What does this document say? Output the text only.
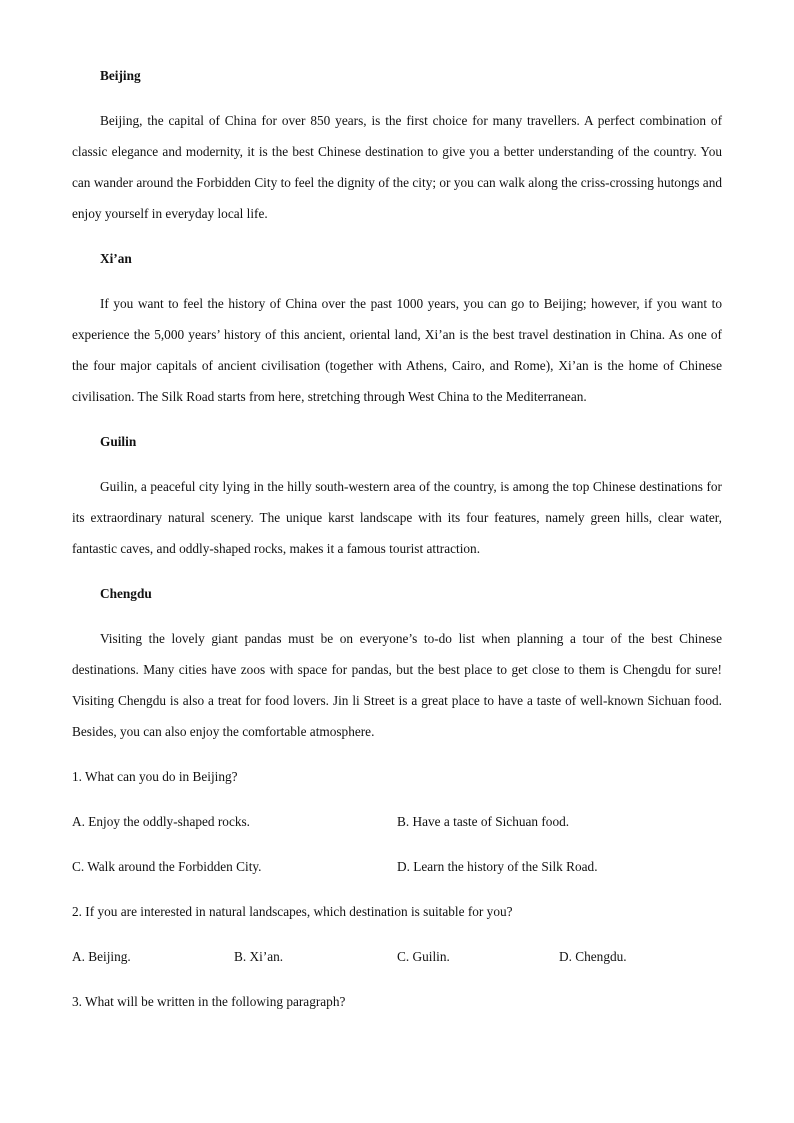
Beijing

Beijing, the capital of China for over 850 years, is the first choice for many travellers. A perfect combination of classic elegance and modernity, it is the best Chinese destination to give you a better understanding of the country. You can wander around the Forbidden City to feel the dignity of the city; or you can walk along the criss-crossing hutongs and enjoy yourself in everyday local life.

Xi’an

If you want to feel the history of China over the past 1000 years, you can go to Beijing; however, if you want to experience the 5,000 years’ history of this ancient, oriental land, Xi’an is the best travel destination in China. As one of the four major capitals of ancient civilisation (together with Athens, Cairo, and Rome), Xi’an is the home of Chinese civilisation. The Silk Road starts from here, stretching through West China to the Mediterranean.

Guilin

Guilin, a peaceful city lying in the hilly south-western area of the country, is among the top Chinese destinations for its extraordinary natural scenery. The unique karst landscape with its four features, namely green hills, clear water, fantastic caves, and oddly-shaped rocks, makes it a famous tourist attraction.

Chengdu

Visiting the lovely giant pandas must be on everyone’s to-do list when planning a tour of the best Chinese destinations. Many cities have zoos with space for pandas, but the best place to get close to them is Chengdu for sure! Visiting Chengdu is also a treat for food lovers. Jin li Street is a great place to have a taste of well-known Sichuan food. Besides, you can also enjoy the comfortable atmosphere.

1. What can you do in Beijing?
A. Enjoy the oddly-shaped rocks.	B. Have a taste of Sichuan food.
C. Walk around the Forbidden City.	D. Learn the history of the Silk Road.
2. If you are interested in natural landscapes, which destination is suitable for you?
A. Beijing.	B. Xi’an.	C. Guilin.	D. Chengdu.
3. What will be written in the following paragraph?
